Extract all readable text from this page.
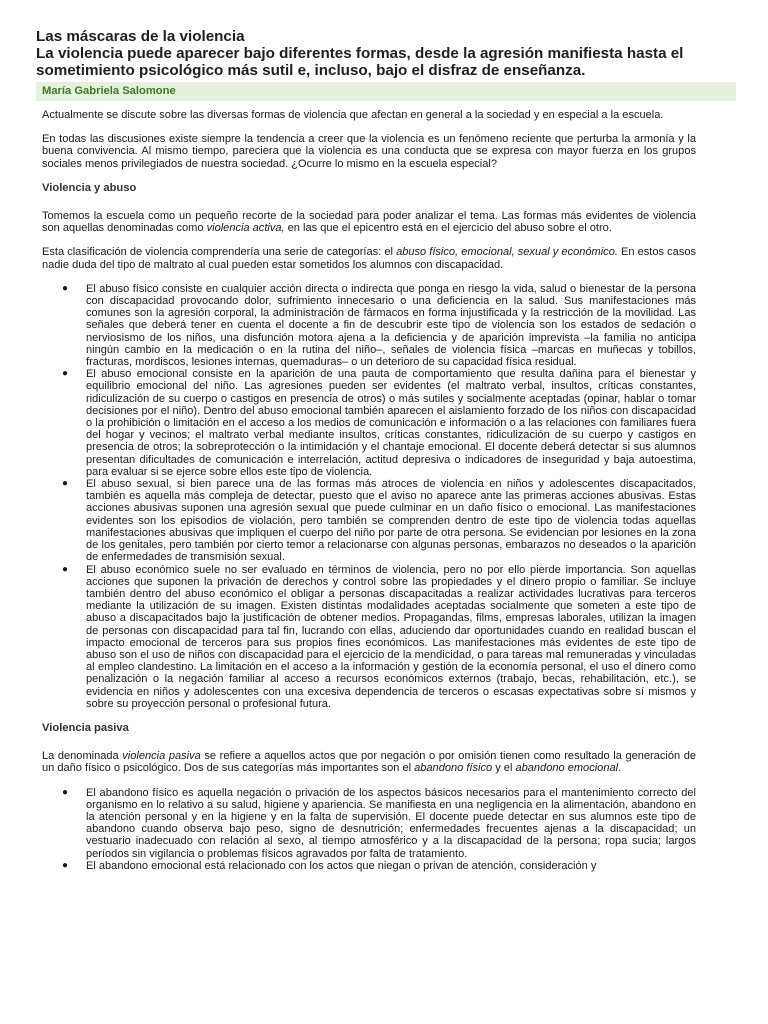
Las máscaras de la violencia
La violencia puede aparecer bajo diferentes formas, desde la agresión manifiesta hasta el sometimiento psicológico más sutil e, incluso, bajo el disfraz de enseñanza.
María Gabriela Salomone

Actualmente se discute sobre las diversas formas de violencia que afectan en general a la sociedad y en especial a la escuela.

En todas las discusiones existe siempre la tendencia a creer que la violencia es un fenómeno reciente que perturba la armonía y la buena convivencia. Al mismo tiempo, pareciera que la violencia es una conducta que se expresa con mayor fuerza en los grupos sociales menos privilegiados de nuestra sociedad. ¿Ocurre lo mismo en la escuela especial?

Violencia y abuso

Tomemos la escuela como un pequeño recorte de la sociedad para poder analizar el tema. Las formas más evidentes de violencia son aquellas denominadas como violencia activa, en las que el epicentro está en el ejercicio del abuso sobre el otro.

Esta clasificación de violencia comprendería una serie de categorías: el abuso físico, emocional, sexual y económico. En estos casos nadie duda del tipo de maltrato al cual pueden estar sometidos los alumnos con discapacidad.

● El abuso físico consiste en cualquier acción directa o indirecta que ponga en riesgo la vida, salud o bienestar de la persona con discapacidad provocando dolor, sufrimiento innecesario o una deficiencia en la salud. Sus manifestaciones más comunes son la agresión corporal, la administración de fármacos en forma injustificada y la restricción de la movilidad. Las señales que deberá tener en cuenta el docente a fin de descubrir este tipo de violencia son los estados de sedación o nerviosismo de los niños, una disfunción motora ajena a la deficiencia y de aparición imprevista –la familia no anticipa ningún cambio en la medicación o en la rutina del niño–, señales de violencia física –marcas en muñecas y tobillos, fracturas, mordiscos, lesiones internas, quemaduras– o un deterioro de su capacidad física residual.
● El abuso emocional consiste en la aparición de una pauta de comportamiento que resulta dañina para el bienestar y equilibrio emocional del niño. Las agresiones pueden ser evidentes (el maltrato verbal, insultos, críticas constantes, ridiculización de su cuerpo o castigos en presencia de otros) o más sutiles y socialmente aceptadas (opinar, hablar o tomar decisiones por el niño). Dentro del abuso emocional también aparecen el aislamiento forzado de los niños con discapacidad o la prohibición o limitación en el acceso a los medios de comunicación e información o a las relaciones con familiares fuera del hogar y vecinos; el maltrato verbal mediante insultos, críticas constantes, ridiculización de su cuerpo y castigos en presencia de otros; la sobreprotección o la intimidación y el chantaje emocional. El docente deberá detectar si sus alumnos presentan dificultades de comunicación e interrelación, actitud depresiva o indicadores de inseguridad y baja autoestima, para evaluar si se ejerce sobre ellos este tipo de violencia.
● El abuso sexual, si bien parece una de las formas más atroces de violencia en niños y adolescentes discapacitados, también es aquella más compleja de detectar, puesto que el aviso no aparece ante las primeras acciones abusivas. Estas acciones abusivas suponen una agresión sexual que puede culminar en un daño físico o emocional. Las manifestaciones evidentes son los episodios de violación, pero también se comprenden dentro de este tipo de violencia todas aquellas manifestaciones abusivas que impliquen el cuerpo del niño por parte de otra persona. Se evidencian por lesiones en la zona de los genitales, pero también por cierto temor a relacionarse con algunas personas, embarazos no deseados o la aparición de enfermedades de transmisión sexual.
● El abuso económico suele no ser evaluado en términos de violencia, pero no por ello pierde importancia. Son aquellas acciones que suponen la privación de derechos y control sobre las propiedades y el dinero propio o familiar. Se incluye también dentro del abuso económico el obligar a personas discapacitadas a realizar actividades lucrativas para terceros mediante la utilización de su imagen. Existen distintas modalidades aceptadas socialmente que someten a este tipo de abuso a discapacitados bajo la justificación de obtener medios. Propagandas, films, empresas laborales, utilizan la imagen de personas con discapacidad para tal fin, lucrando con ellas, aduciendo dar oportunidades cuando en realidad buscan el impacto emocional de terceros para sus propios fines económicos. Las manifestaciones más evidentes de este tipo de abuso son el uso de niños con discapacidad para el ejercicio de la mendicidad, o para tareas mal remuneradas y vinculadas al empleo clandestino. La limitación en el acceso a la información y gestión de la economía personal, el uso el dinero como penalización o la negación familiar al acceso a recursos económicos externos (trabajo, becas, rehabilitación, etc.), se evidencia en niños y adolescentes con una excesiva dependencia de terceros o escasas expectativas sobre sí mismos y sobre su proyección personal o profesional futura.
Violencia pasiva

La denominada violencia pasiva se refiere a aquellos actos que por negación o por omisión tienen como resultado la generación de un daño físico o psicológico. Dos de sus categorías más importantes son el abandono físico y el abandono emocional.

● El abandono físico es aquella negación o privación de los aspectos básicos necesarios para el mantenimiento correcto del organismo en lo relativo a su salud, higiene y apariencia. Se manifiesta en una negligencia en la alimentación, abandono en la atención personal y en la higiene y en la falta de supervisión. El docente puede detectar en sus alumnos este tipo de abandono cuando observa bajo peso, signo de desnutrición; enfermedades frecuentes ajenas a la discapacidad; un vestuario inadecuado con relación al sexo, al tiempo atmosférico y a la discapacidad de la persona; ropa sucia; largos períodos sin vigilancia o problemas físicos agravados por falta de tratamiento.
● El abandono emocional está relacionado con los actos que niegan o privan de atención, consideración y
